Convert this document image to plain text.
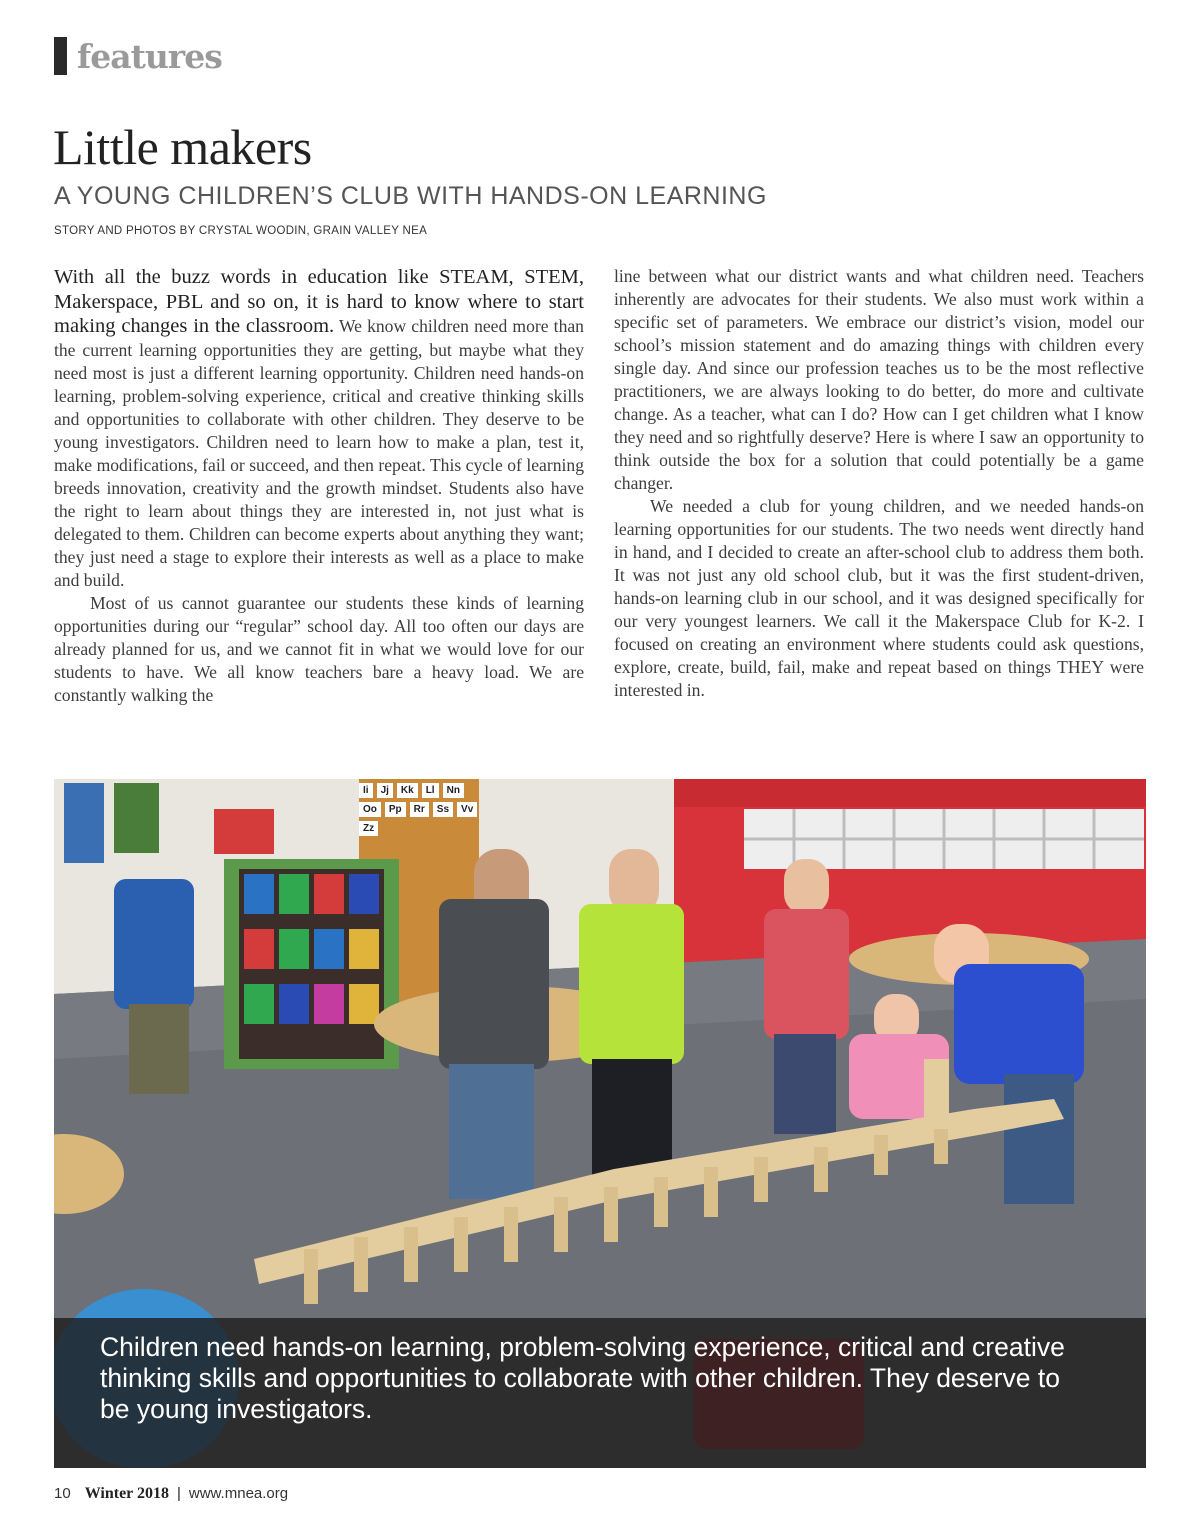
features
Little makers
A YOUNG CHILDREN’S CLUB WITH HANDS-ON LEARNING
STORY AND PHOTOS BY CRYSTAL WOODIN, GRAIN VALLEY NEA

With all the buzz words in education like STEAM, STEM, Makerspace, PBL and so on, it is hard to know where to start making changes in the classroom. We know children need more than the current learning opportunities they are getting, but maybe what they need most is just a different learning opportunity. Children need hands-on learning, problem-solving experience, critical and creative thinking skills and opportunities to collaborate with other children. They deserve to be young investigators. Children need to learn how to make a plan, test it, make modifications, fail or succeed, and then repeat. This cycle of learning breeds innovation, creativity and the growth mindset. Students also have the right to learn about things they are interested in, not just what is delegated to them. Children can become experts about anything they want; they just need a stage to explore their interests as well as a place to make and build.

Most of us cannot guarantee our students these kinds of learning opportunities during our “regular” school day. All too often our days are already planned for us, and we cannot fit in what we would love for our students to have. We all know teachers bare a heavy load. We are constantly walking the

line between what our district wants and what children need. Teachers inherently are advocates for their students. We also must work within a specific set of parameters. We embrace our district’s vision, model our school’s mission statement and do amazing things with children every single day. And since our profession teaches us to be the most reflective practitioners, we are always looking to do better, do more and cultivate change. As a teacher, what can I do? How can I get children what I know they need and so rightfully deserve? Here is where I saw an opportunity to think outside the box for a solution that could potentially be a game changer.

We needed a club for young children, and we needed hands-on learning opportunities for our students. The two needs went directly hand in hand, and I decided to create an after-school club to address them both. It was not just any old school club, but it was the first student-driven, hands-on learning club in our school, and it was designed specifically for our very youngest learners. We call it the Makerspace Club for K-2. I focused on creating an environment where students could ask questions, explore, create, build, fail, make and repeat based on things THEY were interested in.

Ii	Jj	Kk	Ll	Nn
Oo	Pp	Rr	Ss	Vv
Zz
Children need hands-on learning, problem-solving experience, critical and creative thinking skills and opportunities to collaborate with other children. They deserve to be young investigators.
10 Winter 2018 | www.mnea.org
